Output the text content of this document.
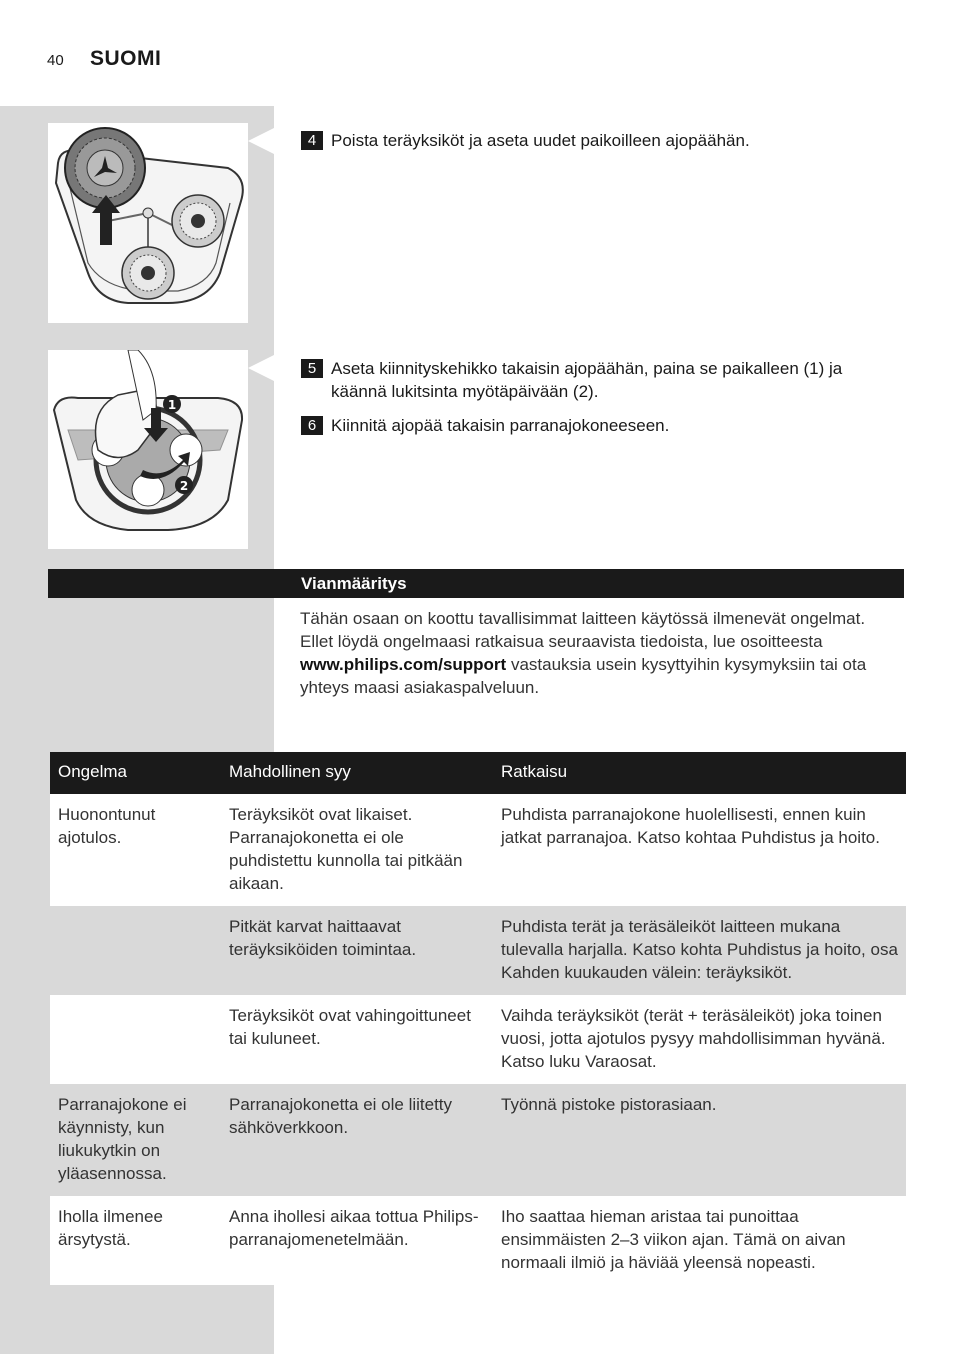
40 SUOMI
4 Poista teräyksiköt ja aseta uudet paikoilleen ajopäähän.
1
2
5 Aseta kiinnityskehikko takaisin ajopäähän, paina se paikalleen (1) ja käännä lukitsinta myötäpäivään (2).
6 Kiinnitä ajopää takaisin parranajokoneeseen.
Vianmääritys
Tähän osaan on koottu tavallisimmat laitteen käytössä ilmenevät ongelmat. Ellet löydä ongelmaasi ratkaisua seuraavista tiedoista, lue osoitteesta www.philips.com/support vastauksia usein kysyttyihin kysymyksiin tai ota yhteys maasi asiakaspalveluun.
Ongelma	Mahdollinen syy	Ratkaisu
Huonontunut ajotulos.	Teräyksiköt ovat likaiset. Parranajokonetta ei ole puhdistettu kunnolla tai pitkään aikaan.	Puhdista parranajokone huolellisesti, ennen kuin jatkat parranajoa. Katso kohtaa Puhdistus ja hoito.
	Pitkät karvat haittaavat teräyksiköiden toimintaa.	Puhdista terät ja teräsäleiköt laitteen mukana tulevalla harjalla. Katso kohta Puhdistus ja hoito, osa Kahden kuukauden välein: teräyksiköt.
	Teräyksiköt ovat vahingoittuneet tai kuluneet.	Vaihda teräyksiköt (terät + teräsäleiköt) joka toinen vuosi, jotta ajotulos pysyy mahdollisimman hyvänä. Katso luku Varaosat.
Parranajokone ei käynnisty, kun liukukytkin on yläasennossa.	Parranajokonetta ei ole liitetty sähköverkkoon.	Työnnä pistoke pistorasiaan.
Iholla ilmenee ärsytystä.	Anna ihollesi aikaa tottua Philips-parranajomenetelmään.	Iho saattaa hieman aristaa tai punoittaa ensimmäisten 2–3 viikon ajan. Tämä on aivan normaali ilmiö ja häviää yleensä nopeasti.
